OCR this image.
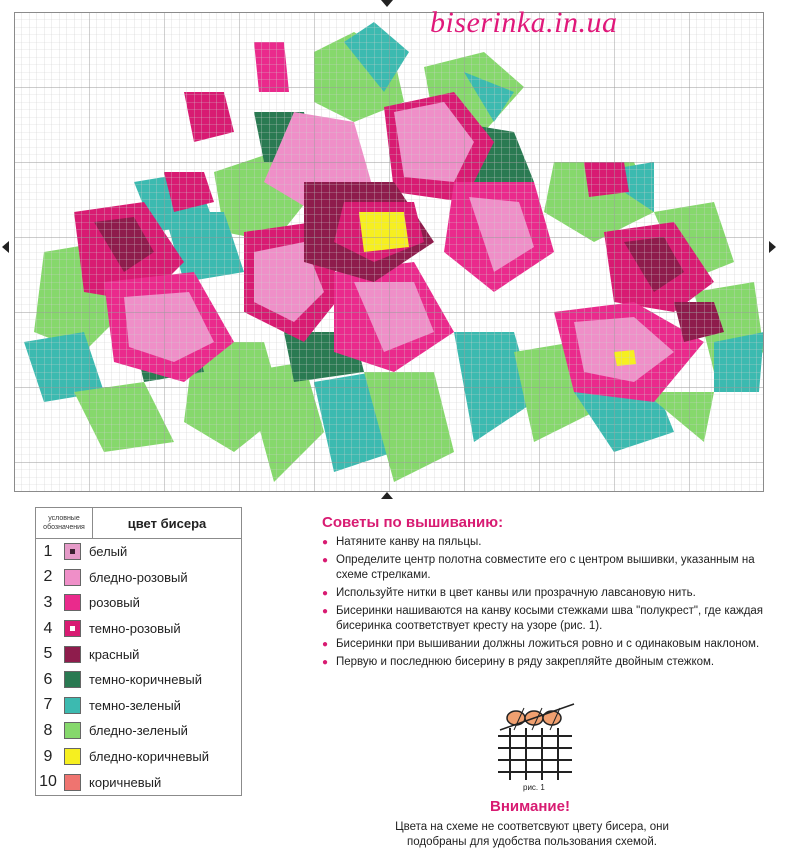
biserinka.in.ua
условные обозначения	цвет бисера
1	белый
2	бледно-розовый
3	розовый
4	темно-розовый
5	красный
6	темно-коричневый
7	темно-зеленый
8	бледно-зеленый
9	бледно-коричневый
10 коричневый
Советы по вышиванию:
● Натяните канву на пяльцы.
● Определите центр полотна совместите его с центром вышивки, указанным на схеме стрелками.
● Используйте нитки в цвет канвы или прозрачную лавсановую нить.
● Бисеринки нашиваются на канву косыми стежками шва "полукрест", где каждая бисеринка соответствует кресту на узоре (рис. 1).
● Бисеринки при вышивании должны ложиться ровно и с одинаковым наклоном.
● Первую и последнюю бисерину в ряду закрепляйте двойным стежком.
рис. 1
Внимание!
Цвета на схеме не соответсвуют цвету бисера, они подобраны для удобства пользования схемой.
